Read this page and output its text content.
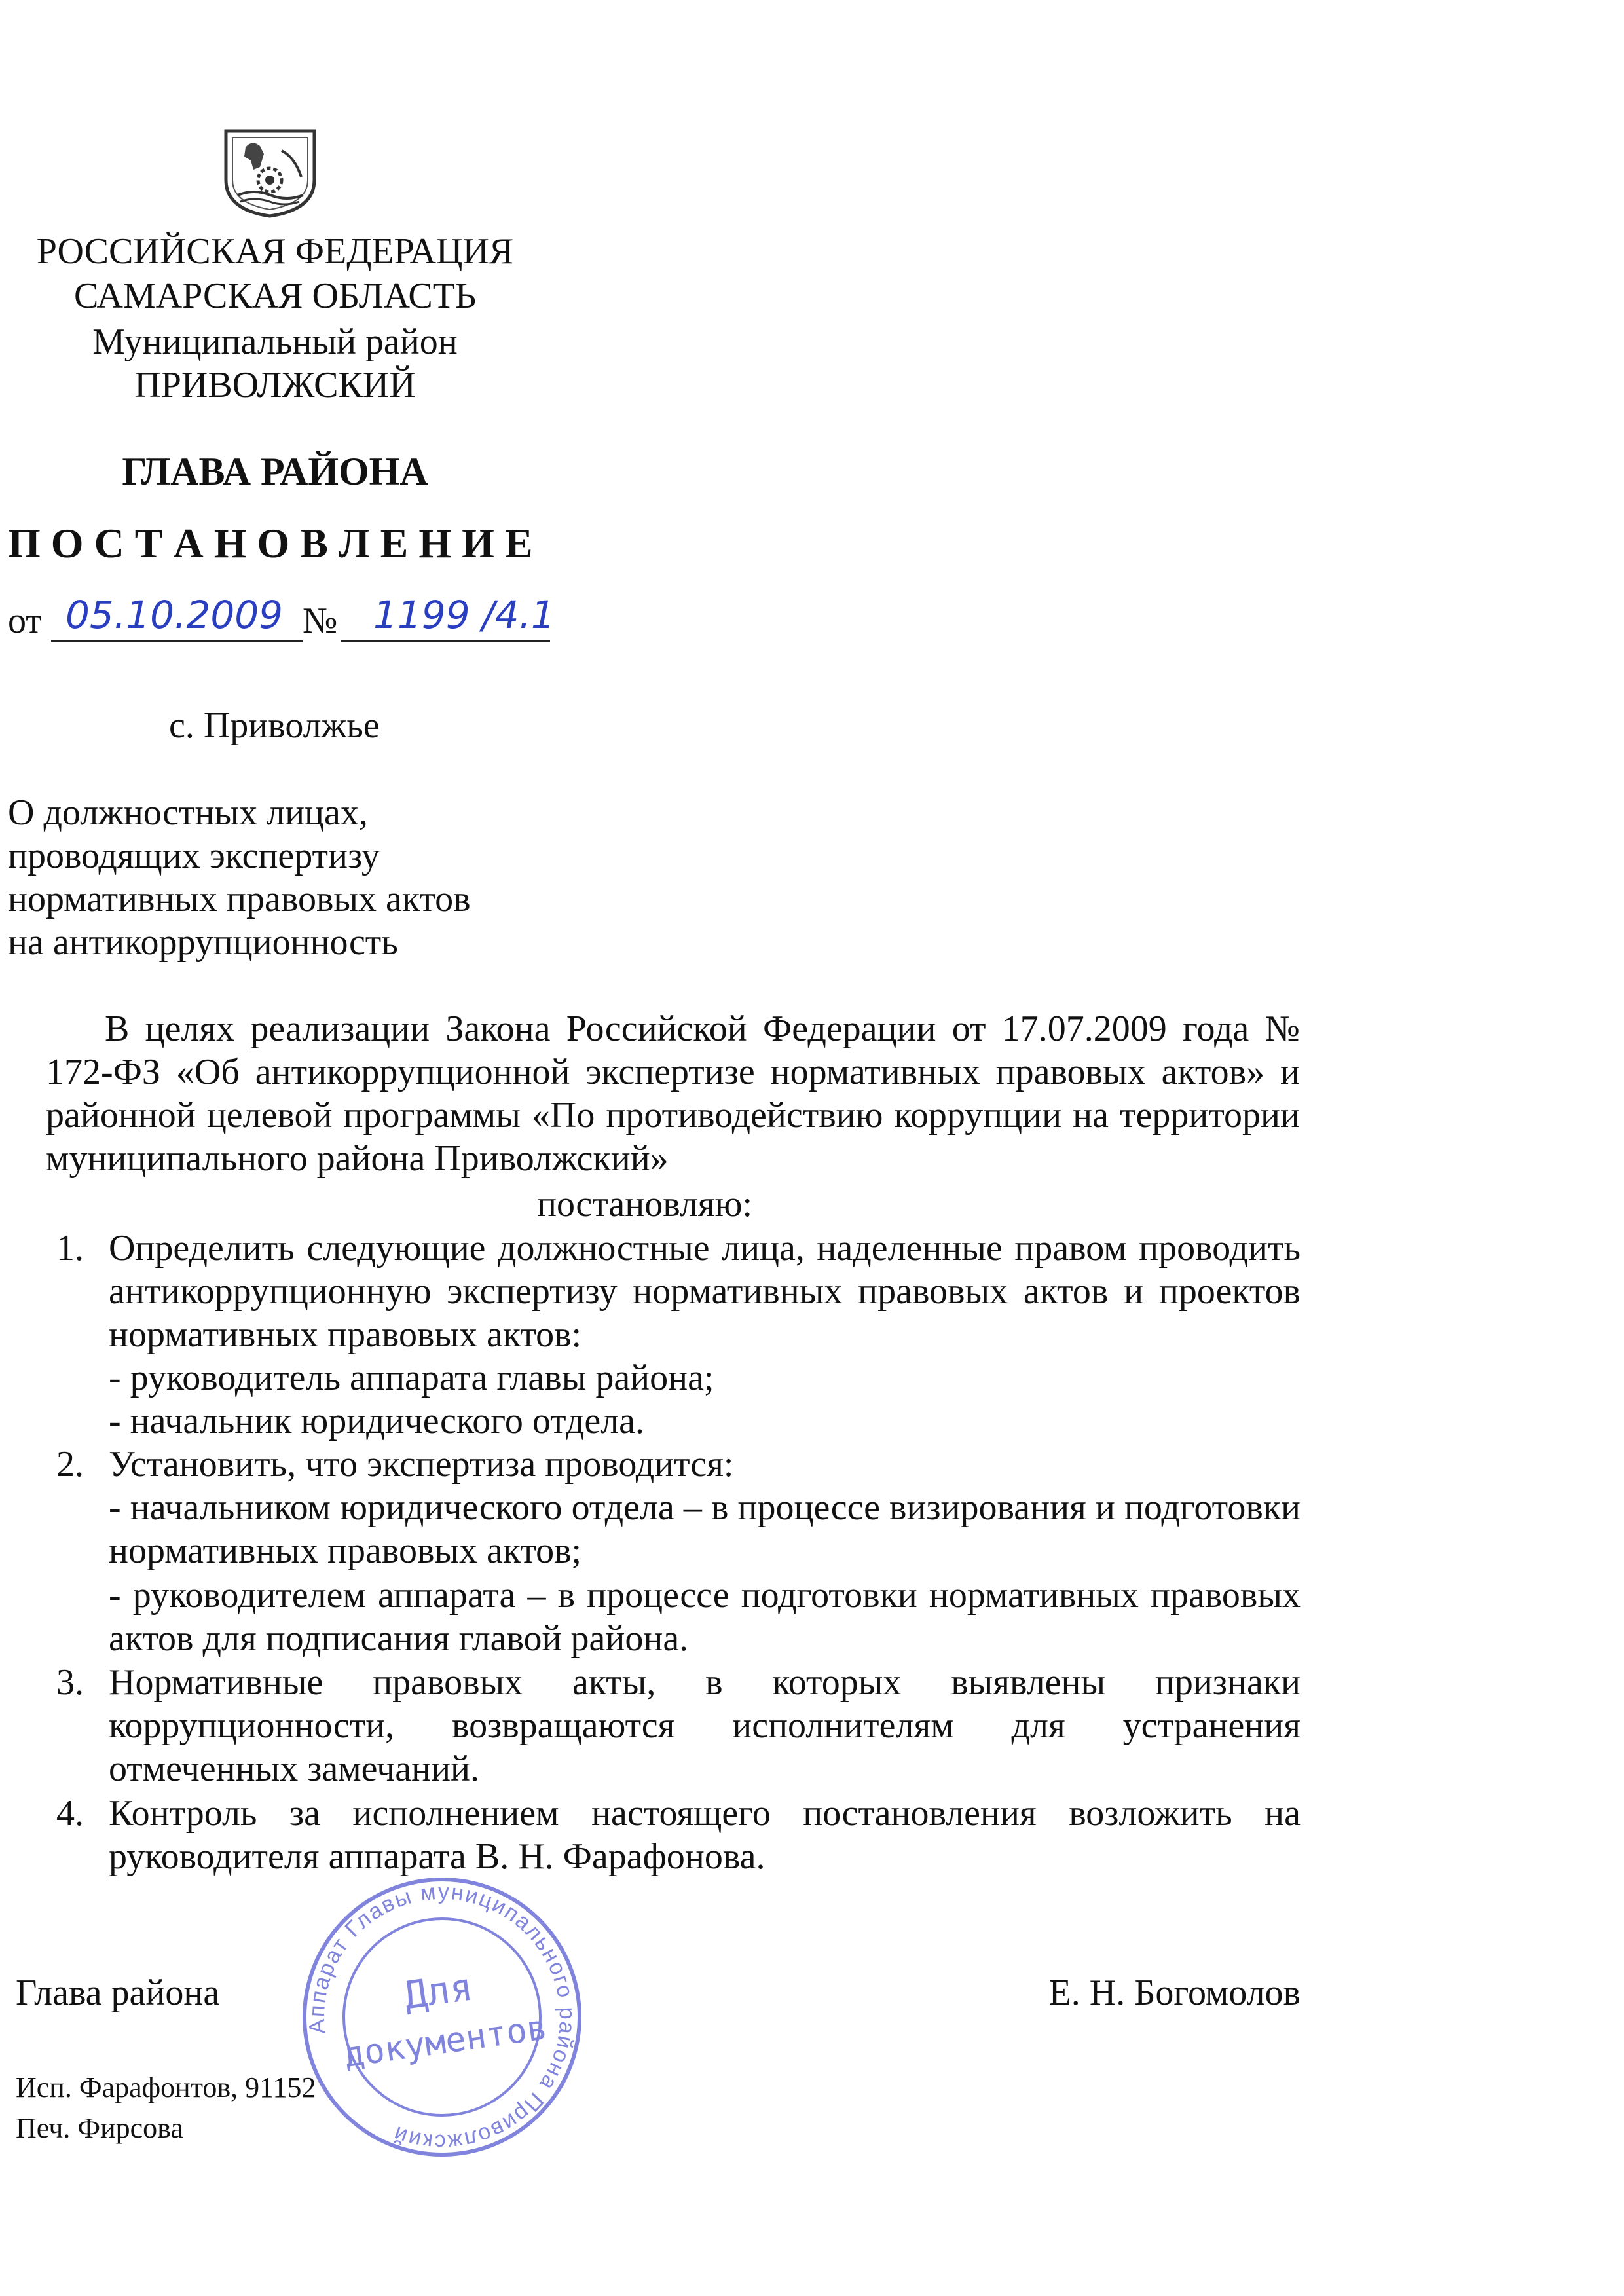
РОССИЙСКАЯ ФЕДЕРАЦИЯ
САМАРСКАЯ ОБЛАСТЬ
Муниципальный район
ПРИВОЛЖСКИЙ
ГЛАВА РАЙОНА
П О С Т А Н О В Л Е Н И Е
от 05.10.2009 № 1199 /4.1
с. Приволжье
О должностных лицах,
проводящих экспертизу
нормативных правовых актов
на антикоррупционность
В целях реализации Закона Российской Федерации от 17.07.2009 года № 172-ФЗ «Об антикоррупционной экспертизе нормативных правовых актов» и районной целевой программы «По противодействию коррупции на территории муниципального района Приволжский»
постановляю:
1. Определить следующие должностные лица, наделенные правом проводить антикоррупционную экспертизу нормативных правовых актов и проектов нормативных правовых актов:
- руководитель аппарата главы района;
- начальник юридического отдела.
2. Установить, что экспертиза проводится:
- начальником юридического отдела – в процессе визирования и подготовки нормативных правовых актов;
- руководителем аппарата – в процессе подготовки нормативных правовых актов для подписания главой района.
3. Нормативные правовых акты, в которых выявлены признаки коррупционности, возвращаются исполнителям для устранения отмеченных замечаний.
4. Контроль за исполнением настоящего постановления возложить на руководителя аппарата В. Н. Фарафонова.
Аппарат Главы муниципального района Приволжский
Для
документов
Глава района	Е. Н. Богомолов
Исп. Фарафонтов, 91152
Печ. Фирсова
